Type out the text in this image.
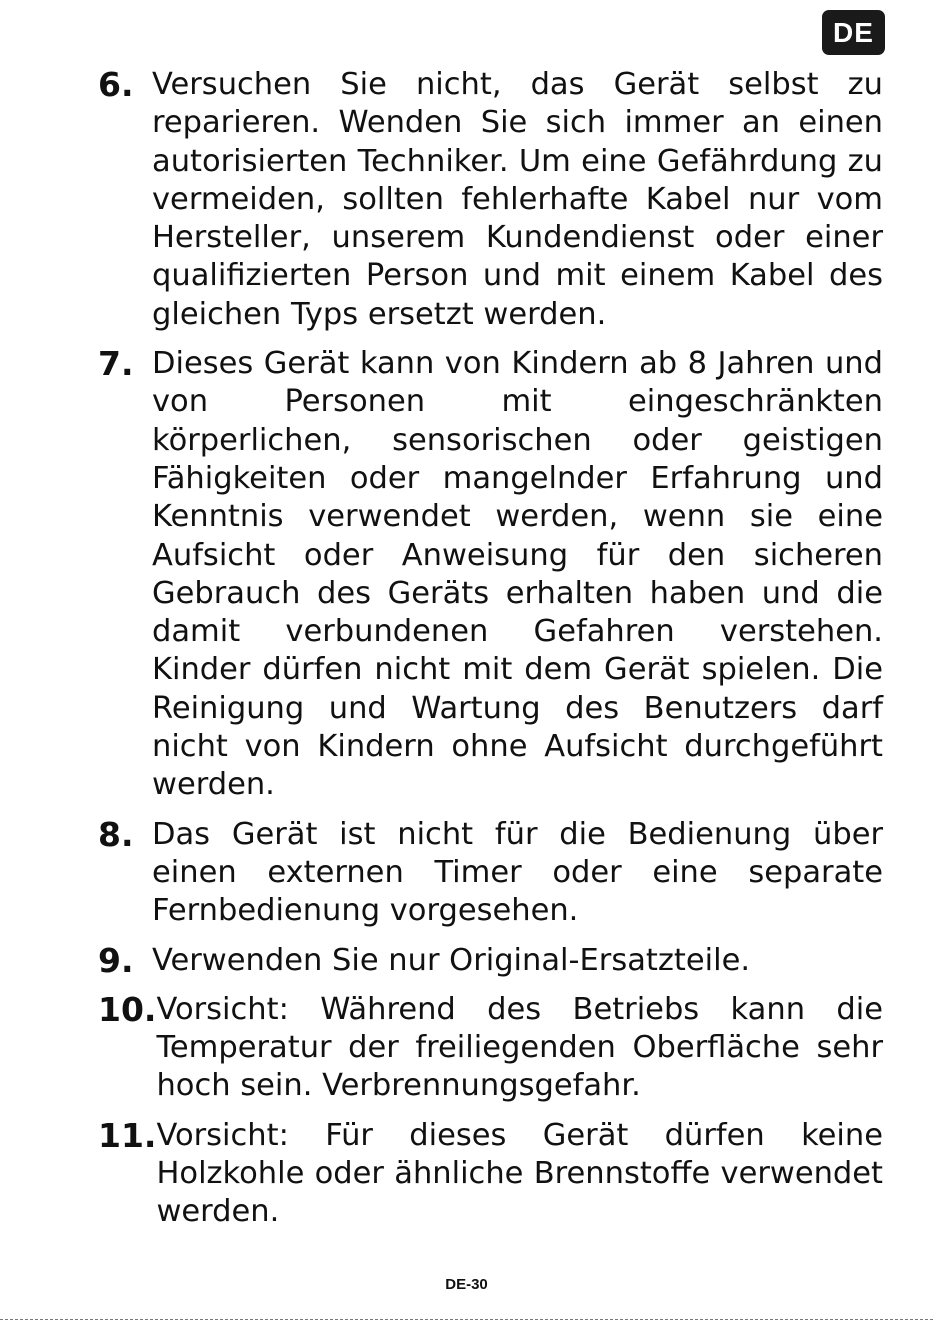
DE
6. Versuchen Sie nicht, das Gerät selbst zu reparieren. Wenden Sie sich immer an einen autorisierten Techniker. Um eine Gefährdung zu vermeiden, sollten fehlerhafte Kabel nur vom Hersteller, unserem Kundendienst oder einer qualifizierten Person und mit einem Kabel des gleichen Typs ersetzt werden.
7. Dieses Gerät kann von Kindern ab 8 Jahren und von Personen mit eingeschränkten körperlichen, sensorischen oder geistigen Fähigkeiten oder mangelnder Erfahrung und Kenntnis verwendet werden, wenn sie eine Aufsicht oder Anweisung für den sicheren Gebrauch des Geräts erhalten haben und die damit verbundenen Gefahren verstehen. Kinder dürfen nicht mit dem Gerät spielen. Die Reinigung und Wartung des Benutzers darf nicht von Kindern ohne Aufsicht durchgeführt werden.
8. Das Gerät ist nicht für die Bedienung über einen externen Timer oder eine separate Fernbedienung vorgesehen.
9. Verwenden Sie nur Original-Ersatzteile.
10. Vorsicht: Während des Betriebs kann die Temperatur der freiliegenden Oberfläche sehr hoch sein. Verbrennungsgefahr.
11. Vorsicht: Für dieses Gerät dürfen keine Holzkohle oder ähnliche Brennstoffe verwendet werden.
DE-30
